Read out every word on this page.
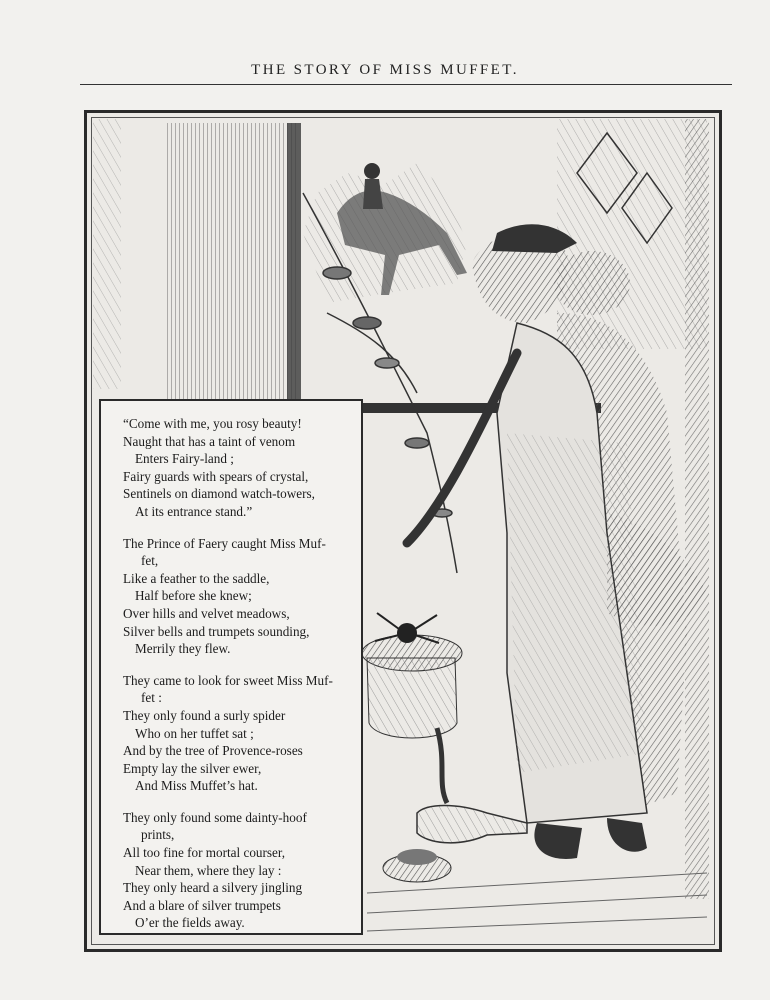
THE STORY OF MISS MUFFET.
“Come with me, you rosy beauty!
Naught that has a taint of venom
Enters Fairy-land ;
Fairy guards with spears of crystal,
Sentinels on diamond watch-towers,
At its entrance stand.”
The Prince of Faery caught Miss Muf-
fet,
Like a feather to the saddle,
Half before she knew;
Over hills and velvet meadows,
Silver bells and trumpets sounding,
Merrily they flew.
They came to look for sweet Miss Muf-
fet :
They only found a surly spider
Who on her tuffet sat ;
And by the tree of Provence-roses
Empty lay the silver ewer,
And Miss Muffet’s hat.
They only found some dainty-hoof
prints,
All too fine for mortal courser,
Near them, where they lay :
They only heard a silvery jingling
And a blare of silver trumpets
O’er the fields away.
